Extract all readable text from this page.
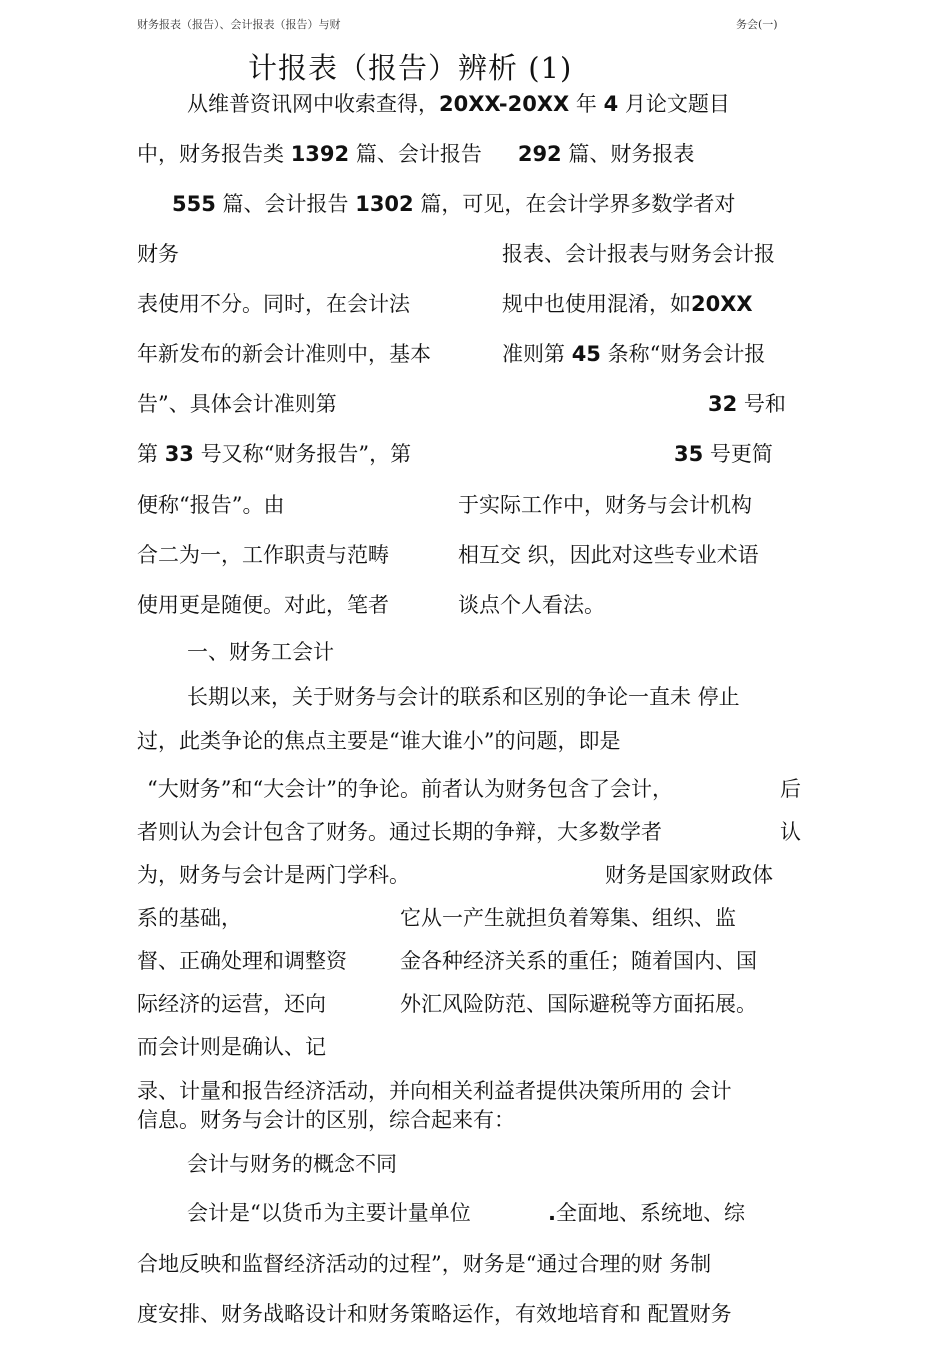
财务报表（报告）、会计报表（报告）与财	务会(一)
计报表（报告）辨析 (1)
从维普资讯网中收索查得，20XX-20XX 年 4 月论文题目
中，财务报告类 1392 篇、会计报告 292 篇、财务报表
555 篇、会计报告 1302 篇，可见，在会计学界多数学者对
财务	报表、会计报表与财务会计报
表使用不分。同时，在会计法	规中也使用混淆，如20XX
年新发布的新会计准则中，基本	准则第 45 条称“财务会计报
告”、具体会计准则第	32 号和
第 33 号又称“财务报告”，第	35 号更简
便称“报告”。由	于实际工作中，财务与会计机构
合二为一，工作职责与范畴	相互交 织，因此对这些专业术语
使用更是随便。对此，笔者	谈点个人看法。
一、财务工会计
长期以来，关于财务与会计的联系和区别的争论一直未 停止
过，此类争论的焦点主要是“谁大谁小”的问题，即是
“大财务”和“大会计”的争论。前者认为财务包含了会计，	后
者则认为会计包含了财务。通过长期的争辩，大多数学者	认
为，财务与会计是两门学科。	财务是国家财政体
系的基础，	它从一产生就担负着筹集、组织、监
督、正确处理和调整资	金各种经济关系的重任；随着国内、国
际经济的运营，还向	外汇风险防范、国际避税等方面拓展。
而会计则是确认、记
录、计量和报告经济活动，并向相关利益者提供决策所用的 会计
信息。财务与会计的区别，综合起来有：
会计与财务的概念不同
会计是“以货币为主要计量单位	.全面地、系统地、综
合地反映和监督经济活动的过程”，财务是“通过合理的财 务制
度安排、财务战略设计和财务策略运作，有效地培育和 配置财务
